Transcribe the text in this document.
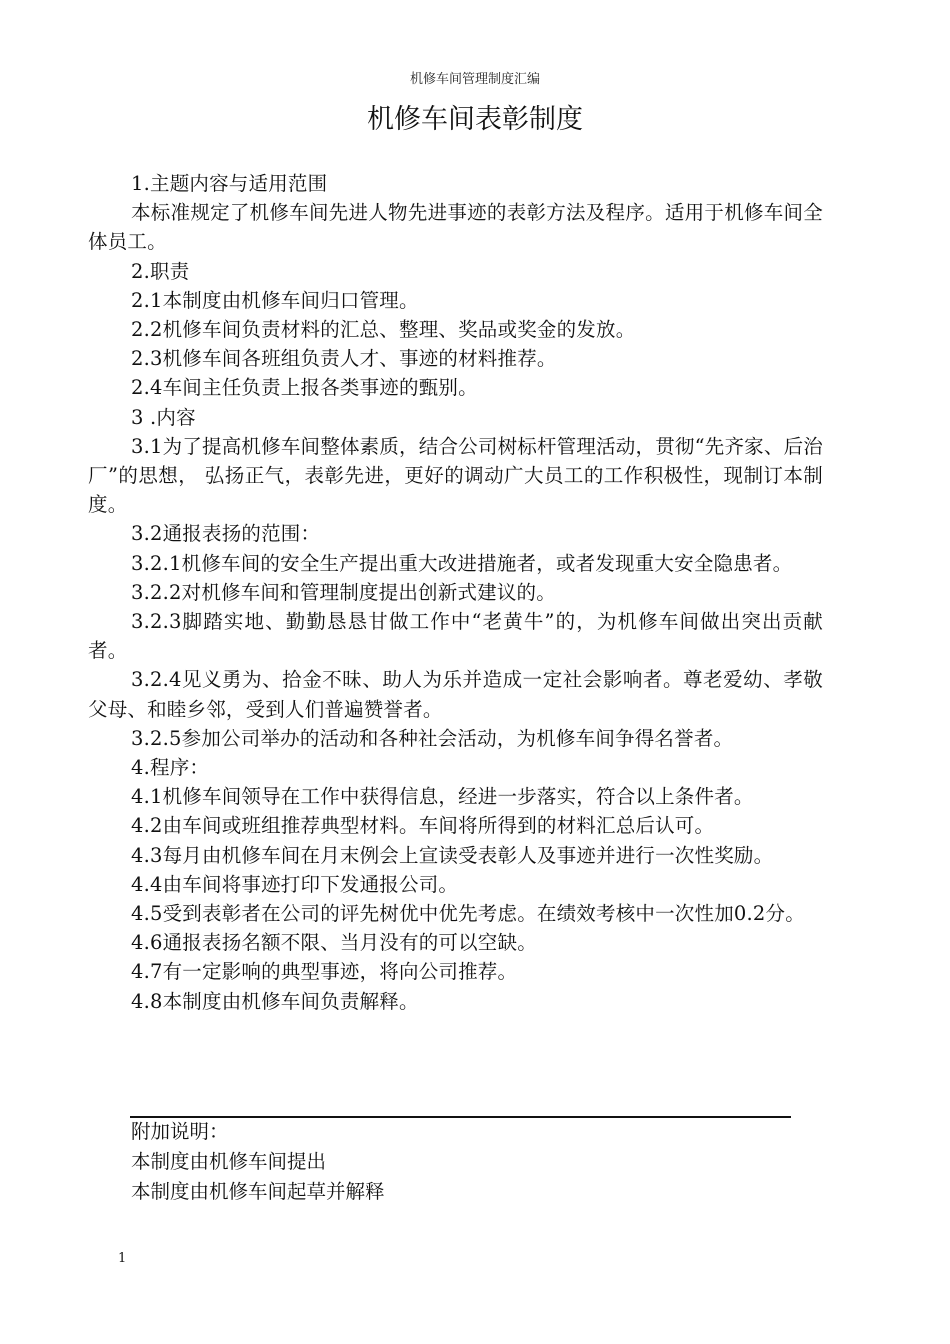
机修车间管理制度汇编
机修车间表彰制度

1.主题内容与适用范围

本标准规定了机修车间先进人物先进事迹的表彰方法及程序。适用于机修车间全体员工。

2.职责

2.1本制度由机修车间归口管理。

2.2机修车间负责材料的汇总、整理、奖品或奖金的发放。

2.3机修车间各班组负责人才、事迹的材料推荐。

2.4车间主任负责上报各类事迹的甄别。

3 .内容

3.1为了提高机修车间整体素质，结合公司树标杆管理活动，贯彻“先齐家、后治厂”的思想， 弘扬正气，表彰先进，更好的调动广大员工的工作积极性，现制订本制度。

3.2通报表扬的范围：

3.2.1机修车间的安全生产提出重大改进措施者，或者发现重大安全隐患者。

3.2.2对机修车间和管理制度提出创新式建议的。

3.2.3脚踏实地、勤勤恳恳甘做工作中“老黄牛”的，为机修车间做出突出贡献者。

3.2.4见义勇为、拾金不昧、助人为乐并造成一定社会影响者。尊老爱幼、孝敬父母、和睦乡邻，受到人们普遍赞誉者。

3.2.5参加公司举办的活动和各种社会活动，为机修车间争得名誉者。

4.程序：

4.1机修车间领导在工作中获得信息，经进一步落实，符合以上条件者。

4.2由车间或班组推荐典型材料。车间将所得到的材料汇总后认可。

4.3每月由机修车间在月末例会上宣读受表彰人及事迹并进行一次性奖励。

4.4由车间将事迹打印下发通报公司。

4.5受到表彰者在公司的评先树优中优先考虑。在绩效考核中一次性加0.2分。

4.6通报表扬名额不限、当月没有的可以空缺。

4.7有一定影响的典型事迹，将向公司推荐。

4.8本制度由机修车间负责解释。

附加说明：
本制度由机修车间提出
本制度由机修车间起草并解释
1
